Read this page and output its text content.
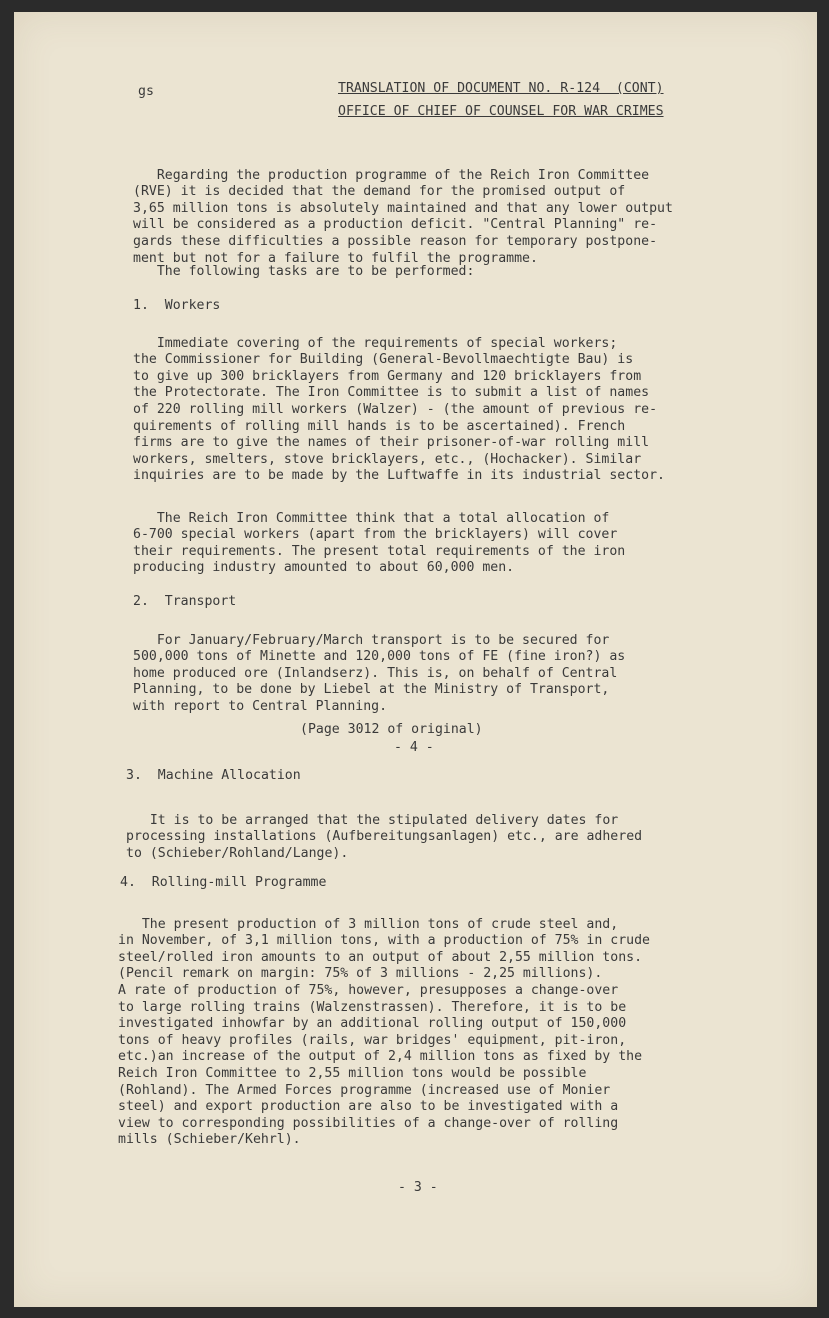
gs	TRANSLATION OF DOCUMENT NO. R-124  (CONT)
OFFICE OF CHIEF OF COUNSEL FOR WAR CRIMES

Regarding the production programme of the Reich Iron Committee
(RVE) it is decided that the demand for the promised output of
3,65 million tons is absolutely maintained and that any lower output
will be considered as a production deficit. "Central Planning" re-
gards these difficulties a possible reason for temporary postpone-
ment but not for a failure to fulfil the programme.

The following tasks are to be performed:
1.  Workers

Immediate covering of the requirements of special workers;
the Commissioner for Building (General-Bevollmaechtigte Bau) is
to give up 300 bricklayers from Germany and 120 bricklayers from
the Protectorate. The Iron Committee is to submit a list of names
of 220 rolling mill workers (Walzer) - (the amount of previous re-
quirements of rolling mill hands is to be ascertained). French
firms are to give the names of their prisoner-of-war rolling mill
workers, smelters, stove bricklayers, etc., (Hochacker). Similar
inquiries are to be made by the Luftwaffe in its industrial sector.

The Reich Iron Committee think that a total allocation of
6-700 special workers (apart from the bricklayers) will cover
their requirements. The present total requirements of the iron
producing industry amounted to about 60,000 men.

2.  Transport

For January/February/March transport is to be secured for
500,000 tons of Minette and 120,000 tons of FE (fine iron?) as
home produced ore (Inlandserz). This is, on behalf of Central
Planning, to be done by Liebel at the Ministry of Transport,
with report to Central Planning.

(Page 3012 of original)
- 4 -
3.  Machine Allocation

It is to be arranged that the stipulated delivery dates for
processing installations (Aufbereitungsanlagen) etc., are adhered
to (Schieber/Rohland/Lange).

4.  Rolling-mill Programme

The present production of 3 million tons of crude steel and,
in November, of 3,1 million tons, with a production of 75% in crude
steel/rolled iron amounts to an output of about 2,55 million tons.
(Pencil remark on margin: 75% of 3 millions - 2,25 millions).
A rate of production of 75%, however, presupposes a change-over
to large rolling trains (Walzenstrassen). Therefore, it is to be
investigated inhowfar by an additional rolling output of 150,000
tons of heavy profiles (rails, war bridges' equipment, pit-iron,
etc.)an increase of the output of 2,4 million tons as fixed by the
Reich Iron Committee to 2,55 million tons would be possible
(Rohland). The Armed Forces programme (increased use of Monier
steel) and export production are also to be investigated with a
view to corresponding possibilities of a change-over of rolling
mills (Schieber/Kehrl).

- 3 -
